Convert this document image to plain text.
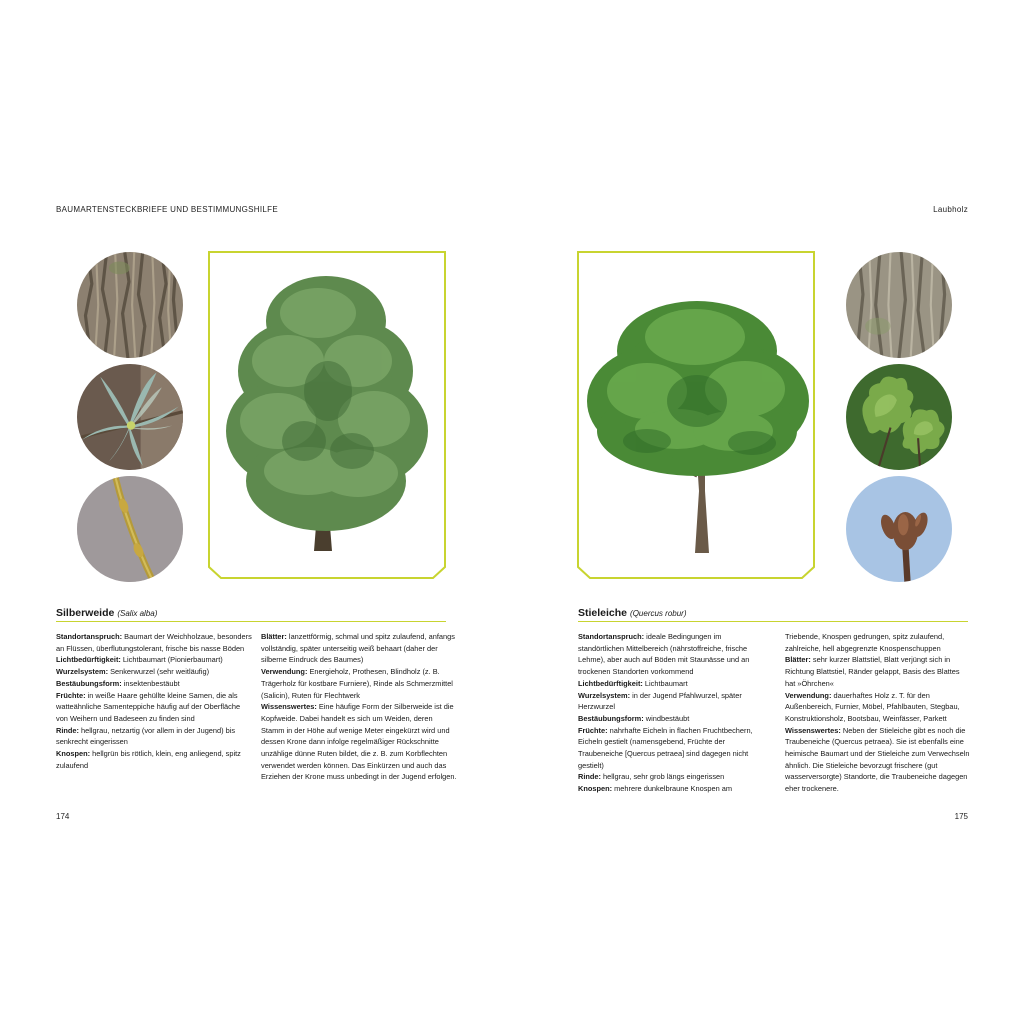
BAUMARTENSTECKBRIEFE UND BESTIMMUNGSHILFE	Laubholz
Silberweide (Salix alba)

Standortanspruch: Baumart der Weichholzaue, besonders an Flüssen, überflutungstolerant, frische bis nasse Böden

Lichtbedürftigkeit: Lichtbaumart (Pionierbaumart)

Wurzelsystem: Senkerwurzel (sehr weitläufig)

Bestäubungsform: insektenbestäubt

Früchte: in weiße Haare gehüllte kleine Samen, die als watteähnliche Samenteppiche häufig auf der Oberfläche von Weihern und Badeseen zu finden sind

Rinde: hellgrau, netzartig (vor allem in der Jugend) bis senkrecht eingerissen

Knospen: hellgrün bis rötlich, klein, eng anliegend, spitz zulaufend

Blätter: lanzettförmig, schmal und spitz zulaufend, anfangs vollständig, später unterseitig weiß behaart (daher der silberne Eindruck des Baumes)

Verwendung: Energieholz, Prothesen, Blindholz (z. B. Trägerholz für kostbare Furniere), Rinde als Schmerzmittel (Salicin), Ruten für Flechtwerk

Wissenswertes: Eine häufige Form der Silberweide ist die Kopfweide. Dabei handelt es sich um Weiden, deren Stamm in der Höhe auf wenige Meter eingekürzt wird und dessen Krone dann infolge regelmäßiger Rückschnitte unzählige dünne Ruten bildet, die z. B. zum Korbflechten verwendet werden können. Das Einkürzen und auch das Erziehen der Krone muss unbedingt in der Jugend erfolgen.

174
Stieleiche (Quercus robur)

Standortanspruch: ideale Bedingungen im standörtlichen Mittelbereich (nährstoffreiche, frische Lehme), aber auch auf Böden mit Staunässe und an trockenen Standorten vorkommend

Lichtbedürftigkeit: Lichtbaumart

Wurzelsystem: in der Jugend Pfahlwurzel, später Herzwurzel

Bestäubungsform: windbestäubt

Früchte: nahrhafte Eicheln in flachen Fruchtbechern, Eicheln gestielt (namensgebend, Früchte der Traubeneiche [Quercus petraea] sind dagegen nicht gestielt)

Rinde: hellgrau, sehr grob längs eingerissen

Knospen: mehrere dunkelbraune Knospen am

Triebende, Knospen gedrungen, spitz zulaufend, zahlreiche, hell abgegrenzte Knospenschuppen

Blätter: sehr kurzer Blattstiel, Blatt verjüngt sich in Richtung Blattstiel, Ränder gelappt, Basis des Blattes hat »Öhrchen«

Verwendung: dauerhaftes Holz z. T. für den Außenbereich, Furnier, Möbel, Pfahlbauten, Stegbau, Konstruktionsholz, Bootsbau, Weinfässer, Parkett

Wissenswertes: Neben der Stieleiche gibt es noch die Traubeneiche (Quercus petraea). Sie ist ebenfalls eine heimische Baumart und der Stieleiche zum Verwechseln ähnlich. Die Stieleiche bevorzugt frischere (gut wasserversorgte) Standorte, die Traubeneiche dagegen eher trockenere.

175
